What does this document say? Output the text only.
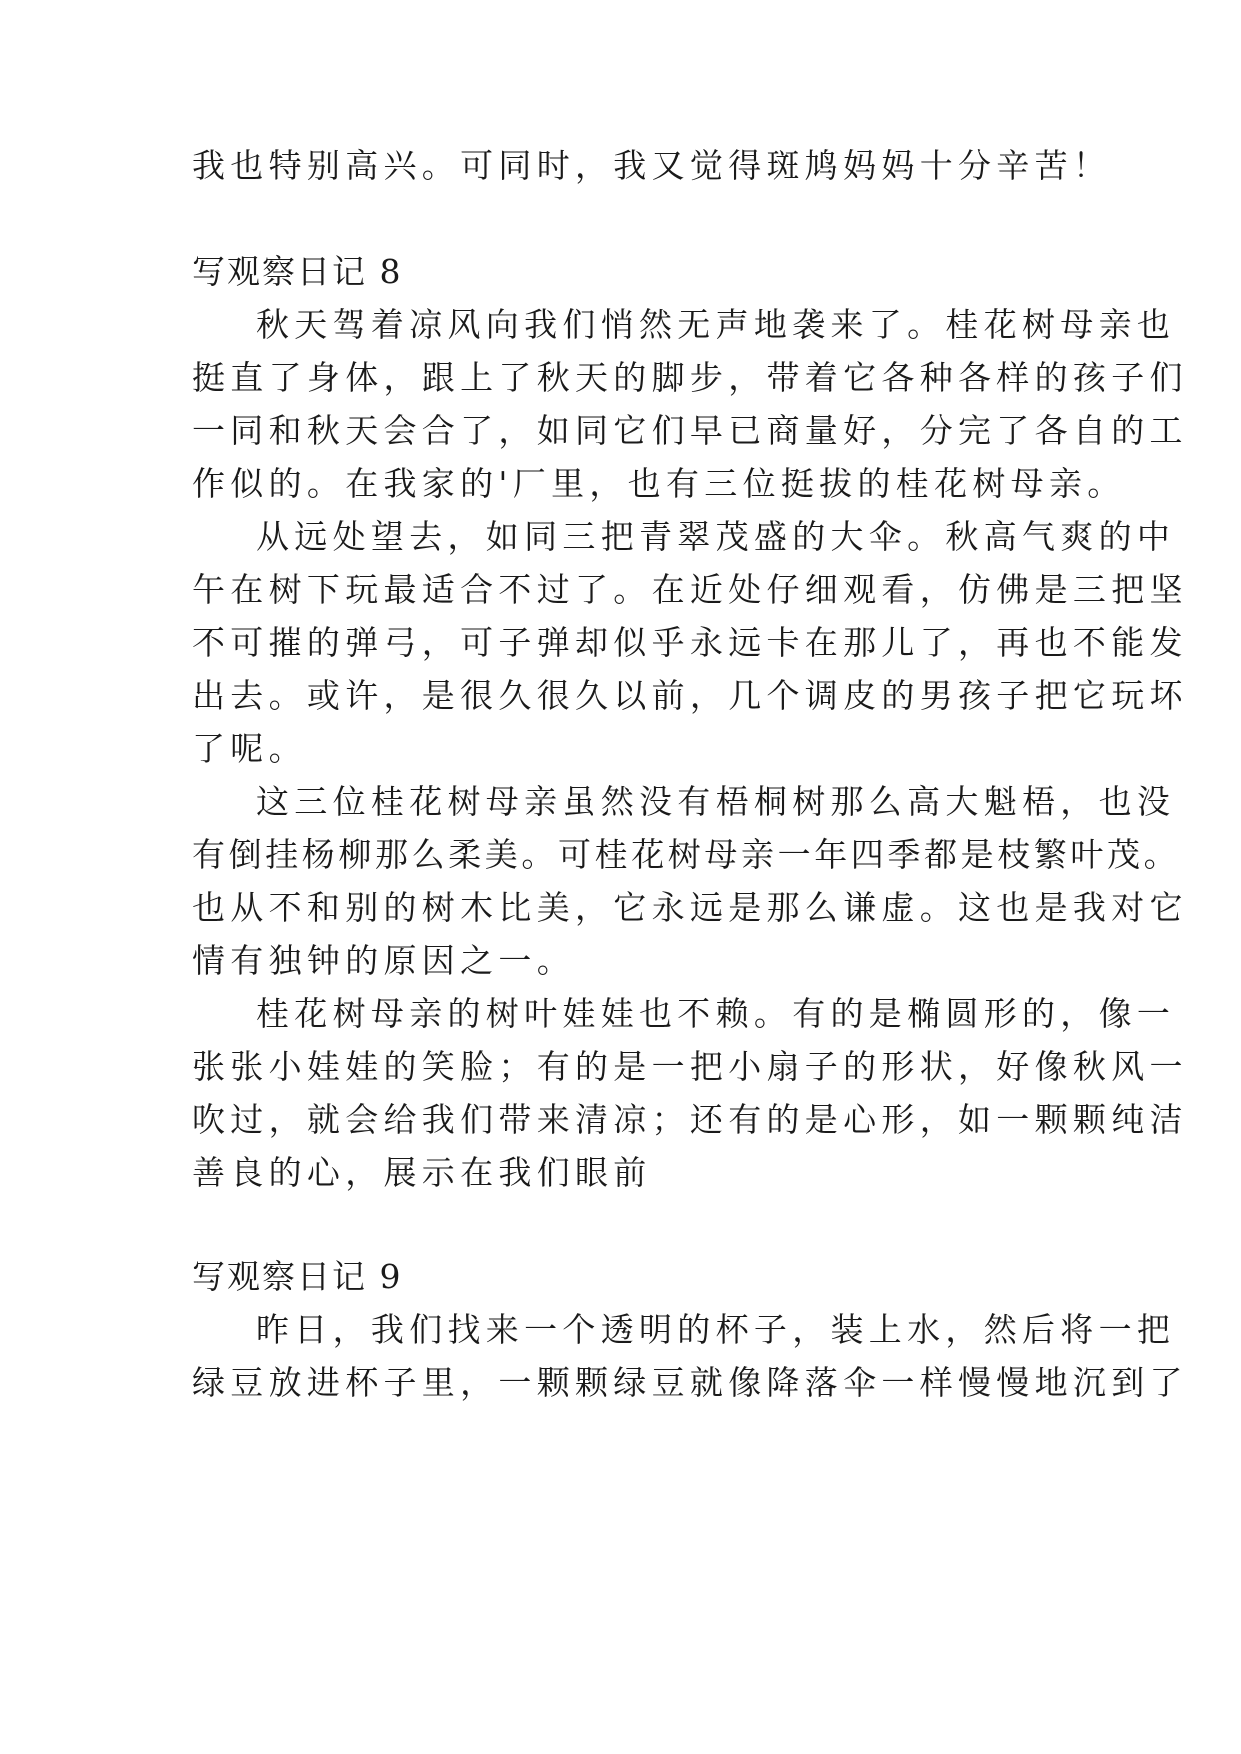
我也特别高兴。可同时，我又觉得斑鸠妈妈十分辛苦！
写观察日记 8
秋天驾着凉风向我们悄然无声地袭来了。桂花树母亲也
挺直了身体，跟上了秋天的脚步，带着它各种各样的孩子们
一同和秋天会合了，如同它们早已商量好，分完了各自的工
作似的。在我家的'厂里，也有三位挺拔的桂花树母亲。
从远处望去，如同三把青翠茂盛的大伞。秋高气爽的中
午在树下玩最适合不过了。在近处仔细观看，仿佛是三把坚
不可摧的弹弓，可子弹却似乎永远卡在那儿了，再也不能发
出去。或许，是很久很久以前，几个调皮的男孩子把它玩坏
了呢。
这三位桂花树母亲虽然没有梧桐树那么高大魁梧，也没
有倒挂杨柳那么柔美。可桂花树母亲一年四季都是枝繁叶茂。
也从不和别的树木比美，它永远是那么谦虚。这也是我对它
情有独钟的原因之一。
桂花树母亲的树叶娃娃也不赖。有的是椭圆形的，像一
张张小娃娃的笑脸；有的是一把小扇子的形状，好像秋风一
吹过，就会给我们带来清凉；还有的是心形，如一颗颗纯洁
善良的心，展示在我们眼前
写观察日记 9
昨日，我们找来一个透明的杯子，装上水，然后将一把
绿豆放进杯子里，一颗颗绿豆就像降落伞一样慢慢地沉到了
